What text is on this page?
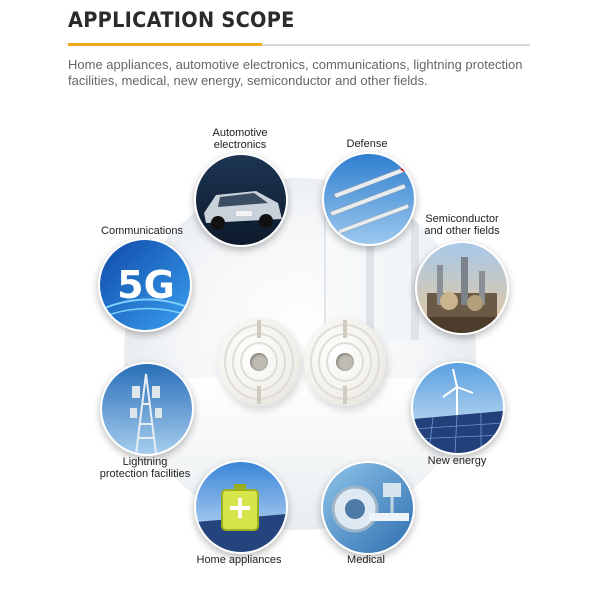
APPLICATION SCOPE
Home appliances, automotive electronics, communications, lightning protection facilities, medical, new energy, semiconductor and other fields.
Automotive
electronics	Defense
Communications
5G
Semiconductor
and other fields
Lightning
protection facilities
New energy
Home appliances	Medical
